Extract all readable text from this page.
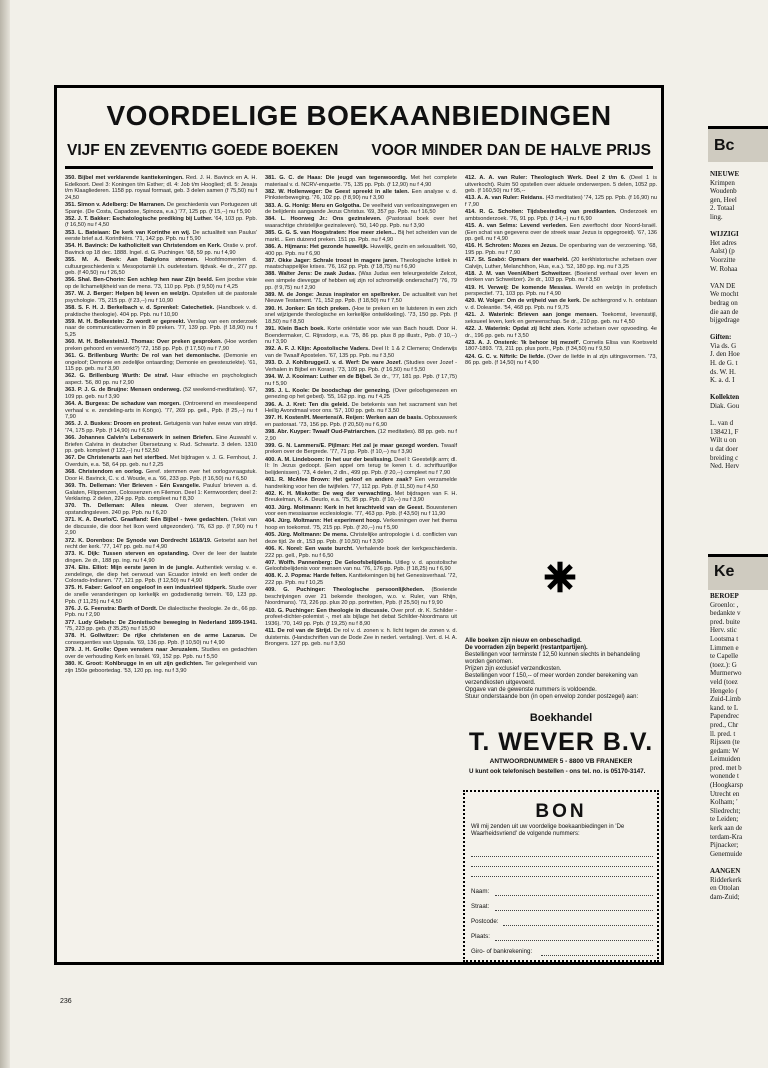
VOORDELIGE BOEKAANBIEDINGEN
VIJF EN ZEVENTIG GOEDE BOEKEN VOOR MINDER DAN DE HALVE PRIJS

350. Bijbel met verklarende kanttekeningen. Red. J. H. Bavinck en A. H. Edelkoort. Deel 3: Koningen t/m Esther; dl. 4: Job t/m Hooglied; dl. 5: Jesaja t/m Klaagliederen. 1158 pp. royaal formaat, geb. 3 delen samen (f 75,50) nu f 24,50

351. Simon v. Adelberg: De Marranen. De geschiedenis van Portugezen uit Spanje. (De Costa, Capadose, Spinoza, e.a.) '77, 125 pp. (f 15,--) nu f 5,90

352. J. T. Bakker: Eschatologische prediking bij Luther. '64, 103 pp. Ppb. (f 16,50) nu f 4,50

353. L. Bateiaan: De kerk van Korinthe en wij. De actualiteit van Paulus' eerste brief a.d. Korinthiërs. '71, 142 pp. Ppb. nu f 5,90

354. H. Bavinck: De katholiciteit van Christendom en Kerk. Oratie v. prof. Bavinck op 18 dec. 1888. Ingel. d. G. Puchinger. '68, 59 pp. nu f 4,90

355. M. A. Beek: Aan Babylons stromen. Hoofdmomenten d. cultuurgeschiedenis v. Mesopotamië i.h. oudetestam. tijdvak. 4e dr., 277 pp. geb. (f 40,50) nu f 26,50

356. Shal. Ben-Chorin: Een schlep hen naar Zijn beeld. Een joodse visie op de lichamelijkheid van de mens. '73, 110 pp. Ppb. (f 9,50) nu f 4,25

357. W. J. Berger: Helpen bij leven en welzijn. Opstellen uit de pastorale psychologie. '75, 215 pp. (f 23,--) nu f 10,90

358. S. F. H. J. Berkelbach v. d. Sprenkel: Catechetiek. (Handboek v. d. praktische theologie). 404 pp. Ppb. nu f 10,90

359. M. H. Bolkestein: Zo wordt er gepreekt. Verslag van een onderzoek naar de communicatievormen in 89 preken. '77, 139 pp. Ppb. (f 18,90) nu f 5,25

360. M. H. Bolkestein/J. Thomas: Over preken gesproken. (Hoe worden preken gehoord en verwerkt?) '72, 158 pp. Ppb. (f 17,50) nu f 7,90

361. G. Brillenburg Wurth: De rol van het demonische. (Demonie en ongeloof; Demonie en zedelijke ontaarding; Demonie en geestesziekte). '61, 115 pp. geb. nu f 3,90

362. G. Brillenburg Wurth: De straf. Haar ethische en psychologisch aspect. '56, 80 pp. nu f 2,90

363. P. J. G. de Bruijne: Mensen onderweg. (52 weekend-meditaties). '67, 109 pp. geb. nu f 3,90

364. A. Burgess: De schaduw van morgen. (Ontroerend en meesleepend verhaal v. e. zendeling-arts in Kongo). '77, 269 pp. gell., Ppb. (f 25,--) nu f 7,90

365. J. J. Buskes: Droom en protest. Getuigenis van halve eeuw van strijd. '74, 175 pp. Ppb. (f 14,90) nu f 6,50

366. Johannes Calvin's Lebenswerk in seinen Briefen. Eine Auswahl v. Briefen Calvins in deutscher Übersetzung v. Rud. Schwartz. 3 delen. 1310 pp. geb. kompleet (f 122,--) nu f 52,50

367. De Christenarts aan het sterfbed. Met bijdragen v. J. G. Fernhout, J. Overduin, e.a. '58, 64 pp. geb. nu f 2,25

368. Christendom en oorlog. Geref. stemmen over het oorlogsvraagstuk. Door H. Bavinck, C. v. d. Woude, e.a. '66, 233 pp. Ppb. (f 16,50) nu f 6,50

369. Th. Delleman: Vier Brieven - Eén Evangelie. Paulus' brieven a. d. Galaten, Filippenzen, Colossenzen en Filemon. Deel 1: Kernwoorden; deel 2: Verklaring. 2 delen, 224 pp. Ppb. compleet nu f 8,30

370. Th. Delleman: Alles nieuw. Over sterven, begraven en opstandingsleven. 240 pp. Ppb. nu f 6,20

371. K. A. Deurlo/C. Graafland: Eén Bijbel - twee gedachten. (Tekst van de discussie, die door het Ikon werd uitgezonden). '76, 63 pp. (f 7,90) nu f 2,90

372. K. Dorenbos: De Synode van Dordrecht 1618/19. Getoetst aan het recht der kerk. '77, 147 pp. geb. nu f 4,90

373. K. Dijk: Tussen sterven en opstanding. Over de leer der laatste dingen. 2e dr., 188 pp. ing. nu f 4,90

374. Elis. Elliot: Mijn eerste jaren in de jungle. Authentiek verslag v. e. zendelinge, die diep het oerwoud van Ecuador intrekt en leeft onder de Colorado-Indianen. '77, 121 pp. Ppb. (f 12,50) nu f 4,90

375. H. Faber: Geloof en ongeloof in een industrieel tijdperk. Studie over de snelle veranderingen op kerkelijk en godsdienstig terrein. '69, 123 pp. Ppb. (f 11,25) nu f 4,50

376. J. G. Feenstra: Barth of Dordt. De dialectische theologie. 2e dr., 66 pp. Ppb. nu f 2,90

377. Ludy Glebels: De Zionistische beweging in Nederland 1899-1941. '75, 223 pp. geb. (f 35,25) nu f 15,90

378. H. Gollwitzer: De rijke christenen en de arme Lazarus. De consequenties van Uppsala. '69, 136 pp. Ppb. (f 10,50) nu f 4,90

379. J. H. Grolle: Open vensters naar Jeruzalem. Studies en gedachten over de verhouding Kerk en Israël. '69, 152 pp. Ppb. nu f 5,50

380. K. Groot: Kohlbrugge in en uit zijn gedichten. Ter gelegenheid van zijn 150e geboortedag. '53, 120 pp. ing. nu f 3,90

381. G. C. de Haas: Die jeugd van tegenwoordig. Met het complete materiaal v. d. NCRV-enquette. '75, 135 pp. Ppb. (f 12,90) nu f 4,90

382. W. Hollenweger: De Geest spreekt in alle talen. Een analyse v. d. Pinksterbeweging. '76, 102 pp. (f 8,90) nu f 3,90

383. A. G. Honig: Meru en Golgotha. De veelheid van verlossingswegen en de belijdenis aangaande Jezus Christus. '69, 357 pp. Ppb. nu f 16,50

384. L. Hoorweg Jr.: Ons gezinsleven. (Pastoraal boek over het waarachtige christelijke gezinsleven). '50, 140 pp. Ppb. nu f 3,90

385. G. G. S. van Hoogstraten: Hoe meer zielen... Bij het scheiden van de markt... Een duizend preken. 151 pp. Ppb. nu f 4,90

386. A. Hijmans: Het gezonde huwelijk. Huwelijk, gezin en seksualiteit. '60, 400 pp. Ppb. nu f 6,90

387. Okke Jager: Schrale troost in magere jaren. Theologische kritiek in maatschappelijke krises. '76, 162 pp. Ppb. (f 18,75) nu f 6,90

388. Walter Jens: De zaak Judas. (Was Judas een teleurgestelde Zelcot, een simpele dievegge of hebben wij zijn rol schromelijk onderschat?) '76, 79 pp. (f 9,75) nu f 2,90

389. M. de Jonge: Jezus inspirator en spelbreker. De actualiteit van het Nieuwe Testament. '71, 152 pp. Ppb. (f 18,50) nu f 7,50

390. H. Jonker: En tóch preken. (Hoe te preken en te luisteren in een zich snel wijzigende theologische en kerkelijke ontwikkeling). '73, 150 pp. Ppb. (f 18,50) nu f 8,50

391. Klein Bach boek. Korte oriëntatie voor wie van Bach houdt. Door H. Boendermaker, C. Rijnsdorp, e.a. '75, 86 pp. plus 8 pp illustr., Ppb. (f 10,--) nu f 3,90

392. A. F. J. Klijn: Apostolische Vaders. Deel II: 1 & 2 Clemens; Onderwijs van de Twaalf Apostelen. '67, 135 pp. Ppb. nu f 3,50

393. D. J. Kohlbrugge/J. v. d. Werf: De ware Jozef. (Studies over Jozef - Verhalen in Bijbel en Koran). '73, 109 pp. Ppb. (f 16,50) nu f 5,50

394. W. J. Kooiman: Luther en de Bijbel. 3e dr., '77, 181 pp. Ppb. (f 17,75) nu f 5,90

395. J. L. Koole: De boodschap der genezing. (Over geloofsgenezen en genezing op het gebed). '55, 162 pp. ing. nu f 4,25

396. A. J. Kret: Ten dis geleid. De betekenis van het sacrament van het Heilig Avondmaal voor ons. '57, 100 pp. geb. nu f 3,50

397. H. Kosten/H. Meertens/A. Reijen: Werken aan de basis. Opbouwwerk en pastoraat. '73, 156 pp. Ppb. (f 20,50) nu f 6,90

398. Abr. Kuyper: Twaalf Oud-Patriarchen. (12 meditaties). 88 pp. geb. nu f 2,90

399. G. N. Lammers/E. Pijlman: Het zal je maar gezegd worden. Twaalf preken over de Bergrede. '77, 71 pp. Ppb. (f 10,--) nu f 3,90

400. A. M. Lindeboom: In het uur der beslissing. Deel I: Geestelijk arm; dl. II: In Jezus gedoopt. (Een appel om terug te keren t. d. schriftuurlijke belijdenissen). '73, 4 delen, 2 dln., 499 pp. Ppb. (f 20,--) compleet nu f 7,90

401. R. McAfee Brown: Het geloof en andere zaak? Een verzamelde handreiking voor hen die twijfelen. '77, 112 pp. Ppb. (f 11,50) nu f 4,50

402. K. H. Miskotte: De weg der verwachting. Met bijdragen van F. H. Breukelman, K. A. Deurlo, e.a. '75, 95 pp. Ppb. (f 10,--) nu f 3,90

403. Jürg. Moltmann: Kerk in het krachtveld van de Geest. Bouwstenen voor een messiaanse ecclesiologie. '77, 463 pp. Ppb. (f 43,50) nu f 11,90

404. Jürg. Moltmann: Het experiment hoop. Verkenningen over het thema hoop en toekomst. '75, 215 pp. Ppb. (f 20,--) nu f 5,90

405. Jürg. Moltmann: De mens. Christelijke antropologie i. d. conflicten van deze tijd. 2e dr., 153 pp. Ppb. (f 10,50) nu f 3,90

406. K. Norel: Een vaste burcht. Verhalende boek der kerkgeschiedenis. 222 pp. gell., Ppb. nu f 6,50

407. Wolfh. Pannenberg: De Geloofsbelijdenis. Uitleg v. d. apostolische Geloofsbelijdenis voor mensen van nu. '76, 176 pp. Ppb. (f 18,25) nu f 6,90

408. K. J. Popma: Harde felten. Kanttekeningen bij het Genesisverhaal. '72, 222 pp. Ppb. nu f 10,25

409. G. Puchinger: Theologische persoonlijkheden. (Boeiende beschrijvingen over 21 bekende theologen, w.o. v. Ruler, van Rhijn, Noordmans). '73, 226 pp. plus 20 pp. portretten, Ppb. (f 25,50) nu f 9,90

410. G. Puchinger: Een theologie in discussie. Over prof. dr. K. Schilder - profeet-dichter-polemist -, met als bijlage het debat Schilder-Noordmans uit 1936). '70, 149 pp. Ppb. (f 19,25) nu f 8,90

411. De rol van de Strijd. De rol v. d. zonen v. h. licht tegen de zonen v. d. duisternis. (Handschriften van de Dode Zee in nederl. vertaling). Vert. d. H. A. Brongers. 127 pp. geb. nu f 3,50

412. A. A. van Ruler: Theologisch Werk. Deel 2 t/m 6. (Deel 1 is uitverkocht). Ruim 50 opstellen over aktuele onderwerpen. 5 delen, 1052 pp. geb. (f 160,50) nu f 95,--

413. A. A. van Ruler: Reidans. (43 meditaties) '74, 125 pp. Ppb. (f 16,90) nu f 7,90

414. R. G. Schoiten: Tijdsbesteding van predikanten. Onderzoek en ambtsonderzoek. '76, 91 pp. Ppb. (f 14,--) nu f 6,90

415. A. van Selms: Levend verleden. Een zwerftocht door Noord-Israël. (Een schat van gegevens over de streek waar Jezus is opgegroeid). '67, 136 pp. gell. nu f 4,90

416. H. Schroten: Mozes en Jezus. De openbaring van de verzoening. '68, 195 pp. Ppb. nu f 7,90

417. St. Szabó: Opmars der waarheid. (20 kerkhistorische schetsen over Calvijn, Luther, Melanchthon, Hus, e.a.). '52, 180 pp. ing. nu f 3,25

418. J. M. van Veen/Albert Schweitzer. (Boeiend verhaal over leven en denken van Schweitzer). 2e dr., 103 pp. Ppb. nu f 3,50

419. H. Verweij: De komende Messias. Wereld en welzijn in profetisch perspectief. '71, 103 pp. Ppb. nu f 4,90

420. W. Volger: Om de vrijheid van de kerk. De achtergrond v. h. ontstaan v. d. Doleantie. '54, 468 pp. Ppb. nu f 9,75

421. J. Waterink: Brieven aan jonge mensen. Toekomst, levensstijl, seksueel leven, kerk en gemeenschap. 5e dr., 210 pp. geb. nu f 4,50

422. J. Waterink: Opdat zij licht zien. Korte schetsen over opvoeding. 4e dr., 196 pp. geb. nu f 3,50

423. A. J. Onstenk: 'Ik behoor bij mezelf'. Cornelis Elisa van Koetsveld 1807-1893. '73, 211 pp. plus portr., Ppb. (f 34,50) nu f 9,50

424. G. C. v. Niftrik: De liefde. (Over de liefde in al zijn uitingsvormen. '73, 86 pp. geb. (f 14,50) nu f 4,90

Alle boeken zijn nieuw en onbeschadigd.

De voorraden zijn beperkt (restantpartijen).

Bestellingen voor terminste f 12,50 kunnen slechts in behandeling worden genomen.

Prijzen zijn exclusief verzendkosten.

Bestellingen voor f 150,-- of meer worden zonder berekening van verzendkosten uitgevoerd.

Opgave van de gewenste nummers is voldoende.

Stuur onderstaande bon (in open envelop zonder postzegel) aan:
Boekhandel
T. WEVER B.V.
ANTWOORDNUMMER 5 - 8800 VB FRANEKER
U kunt ook telefonisch bestellen - ons tel. no. is 05170-3147.
BON
Wil mij zenden uit uw voordelige boekaanbiedingen in 'De Waarheidsvriend' de volgende nummers:
Naam:
Straat:
Postcode:
Plaats:
Giro- of bankrekening:
236
Bc
NIEUWE
Krimpen
Woudenb
gen, Heel
2. Totaal
ling.

WIJZIGI
Het adres
Aalst) (p
Voorzitte
W. Rohaa

VAN DE
We mocht
bedrag on
die aan de
bijgedrage

Giften:
Via ds. G
J. den Hoe
H. de G. t
ds. W. H.
K. a. d. I

Kollekten
Diak. Gou

L. van d
138421, F
Wilt u on
u dat doer
breiding c
Ned. Herv
Ke
BEROEP
Groenlo: ,
bedankte v
pred. buite
Herv. stic
Lootsma t
Limmen e
te Capelle
(toez.): G
Murmerwo
veld (toez
Hengelo (
Zuid-Limb
kand. te L
Papendrec
pred., Chr
ll. pred. t
Rijssen (te
gedam: W
Leimuiden
pred. met b
wonende t
(Hoogkarsp
Utrecht en
Kolham; '
Sliedrecht;
te Leiden;
kerk aan de
terdam-Kra
Pijnacker;
Genemuide

AANGEN
Ridderkerk
en Ottolan
dam-Zuid;
